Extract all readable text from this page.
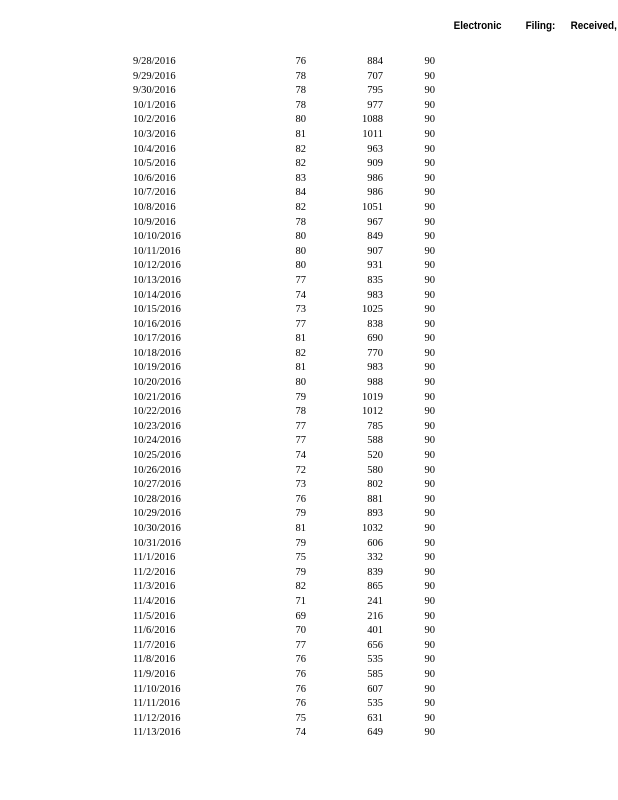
Electronic Filing: Received,
9/28/2016	76	884	90
9/29/2016	78	707	90
9/30/2016	78	795	90
10/1/2016	78	977	90
10/2/2016	80	1088	90
10/3/2016	81	1011	90
10/4/2016	82	963	90
10/5/2016	82	909	90
10/6/2016	83	986	90
10/7/2016	84	986	90
10/8/2016	82	1051	90
10/9/2016	78	967	90
10/10/2016	80	849	90
10/11/2016	80	907	90
10/12/2016	80	931	90
10/13/2016	77	835	90
10/14/2016	74	983	90
10/15/2016	73	1025	90
10/16/2016	77	838	90
10/17/2016	81	690	90
10/18/2016	82	770	90
10/19/2016	81	983	90
10/20/2016	80	988	90
10/21/2016	79	1019	90
10/22/2016	78	1012	90
10/23/2016	77	785	90
10/24/2016	77	588	90
10/25/2016	74	520	90
10/26/2016	72	580	90
10/27/2016	73	802	90
10/28/2016	76	881	90
10/29/2016	79	893	90
10/30/2016	81	1032	90
10/31/2016	79	606	90
11/1/2016	75	332	90
11/2/2016	79	839	90
11/3/2016	82	865	90
11/4/2016	71	241	90
11/5/2016	69	216	90
11/6/2016	70	401	90
11/7/2016	77	656	90
11/8/2016	76	535	90
11/9/2016	76	585	90
11/10/2016	76	607	90
11/11/2016	76	535	90
11/12/2016	75	631	90
11/13/2016	74	649	90
